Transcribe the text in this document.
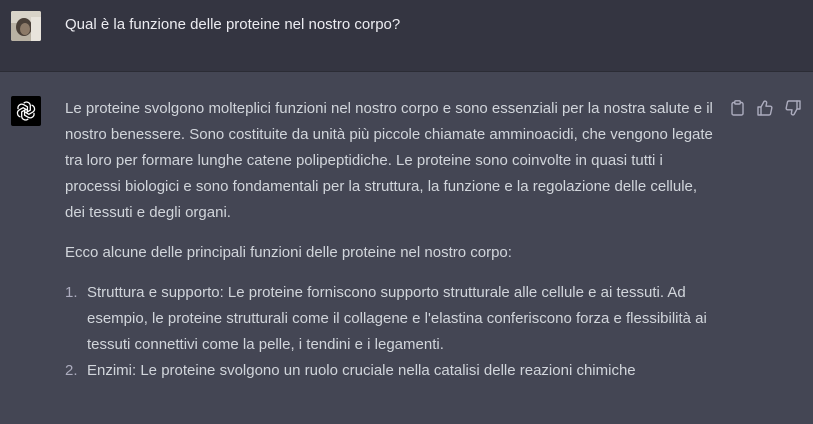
Qual è la funzione delle proteine nel nostro corpo?

Le proteine svolgono molteplici funzioni nel nostro corpo e sono essenziali per la nostra salute e il nostro benessere. Sono costituite da unità più piccole chiamate amminoacidi, che vengono legate tra loro per formare lunghe catene polipeptidiche. Le proteine sono coinvolte in quasi tutti i processi biologici e sono fondamentali per la struttura, la funzione e la regolazione delle cellule, dei tessuti e degli organi.

Ecco alcune delle principali funzioni delle proteine nel nostro corpo:

1. Struttura e supporto: Le proteine forniscono supporto strutturale alle cellule e ai tessuti. Ad esempio, le proteine strutturali come il collagene e l'elastina conferiscono forza e flessibilità ai tessuti connettivi come la pelle, i tendini e i legamenti.
2. Enzimi: Le proteine svolgono un ruolo cruciale nella catalisi delle reazioni chimiche
